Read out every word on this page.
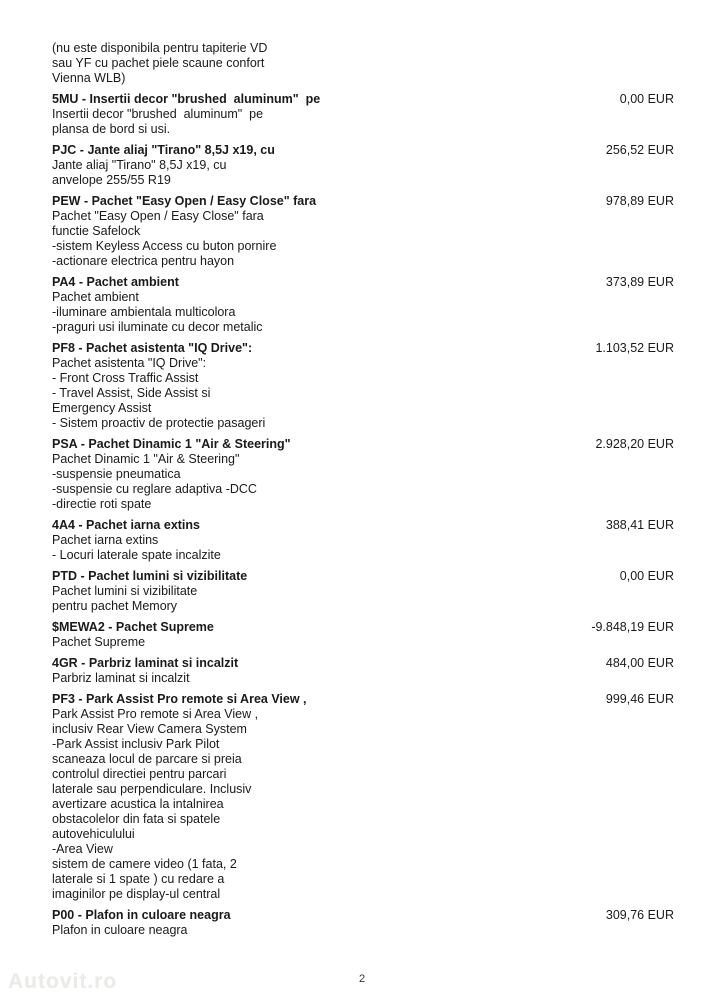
(nu este disponibila pentru tapiterie VD
sau YF cu pachet piele scaune confort
Vienna WLB)
5MU - Insertii decor "brushed  aluminum"  pe	0,00 EUR
Insertii decor "brushed  aluminum"  pe
plansa de bord si usi.
PJC - Jante aliaj "Tirano" 8,5J x19, cu	256,52 EUR
Jante aliaj "Tirano" 8,5J x19, cu
anvelope 255/55 R19
PEW - Pachet "Easy Open / Easy Close" fara	978,89 EUR
Pachet "Easy Open / Easy Close" fara
functie Safelock
-sistem Keyless Access cu buton pornire
-actionare electrica pentru hayon
PA4 - Pachet ambient	373,89 EUR
Pachet ambient
-iluminare ambientala multicolora
-praguri usi iluminate cu decor metalic
PF8 - Pachet asistenta "IQ Drive":	1.103,52 EUR
Pachet asistenta "IQ Drive":
- Front Cross Traffic Assist
- Travel Assist, Side Assist si
Emergency Assist
- Sistem proactiv de protectie pasageri
PSA - Pachet Dinamic 1 "Air & Steering"	2.928,20 EUR
Pachet Dinamic 1 "Air & Steering"
-suspensie pneumatica
-suspensie cu reglare adaptiva -DCC
-directie roti spate
4A4 - Pachet iarna extins	388,41 EUR
Pachet iarna extins
- Locuri laterale spate incalzite
PTD - Pachet lumini si vizibilitate	0,00 EUR
Pachet lumini si vizibilitate
pentru pachet Memory
$MEWA2 - Pachet Supreme	-9.848,19 EUR
Pachet Supreme
4GR - Parbriz laminat si incalzit	484,00 EUR
Parbriz laminat si incalzit
PF3 - Park Assist Pro remote si Area View ,	999,46 EUR
Park Assist Pro remote si Area View ,
inclusiv Rear View Camera System
-Park Assist inclusiv Park Pilot
scaneaza locul de parcare si preia
controlul directiei pentru parcari
laterale sau perpendiculare. Inclusiv
avertizare acustica la intalnirea
obstacolelor din fata si spatele
autovehiculului
-Area View
sistem de camere video (1 fata, 2
laterale si 1 spate ) cu redare a
imaginilor pe display-ul central
P00 - Plafon in culoare neagra	309,76 EUR
Plafon in culoare neagra
2
Autovit.ro
